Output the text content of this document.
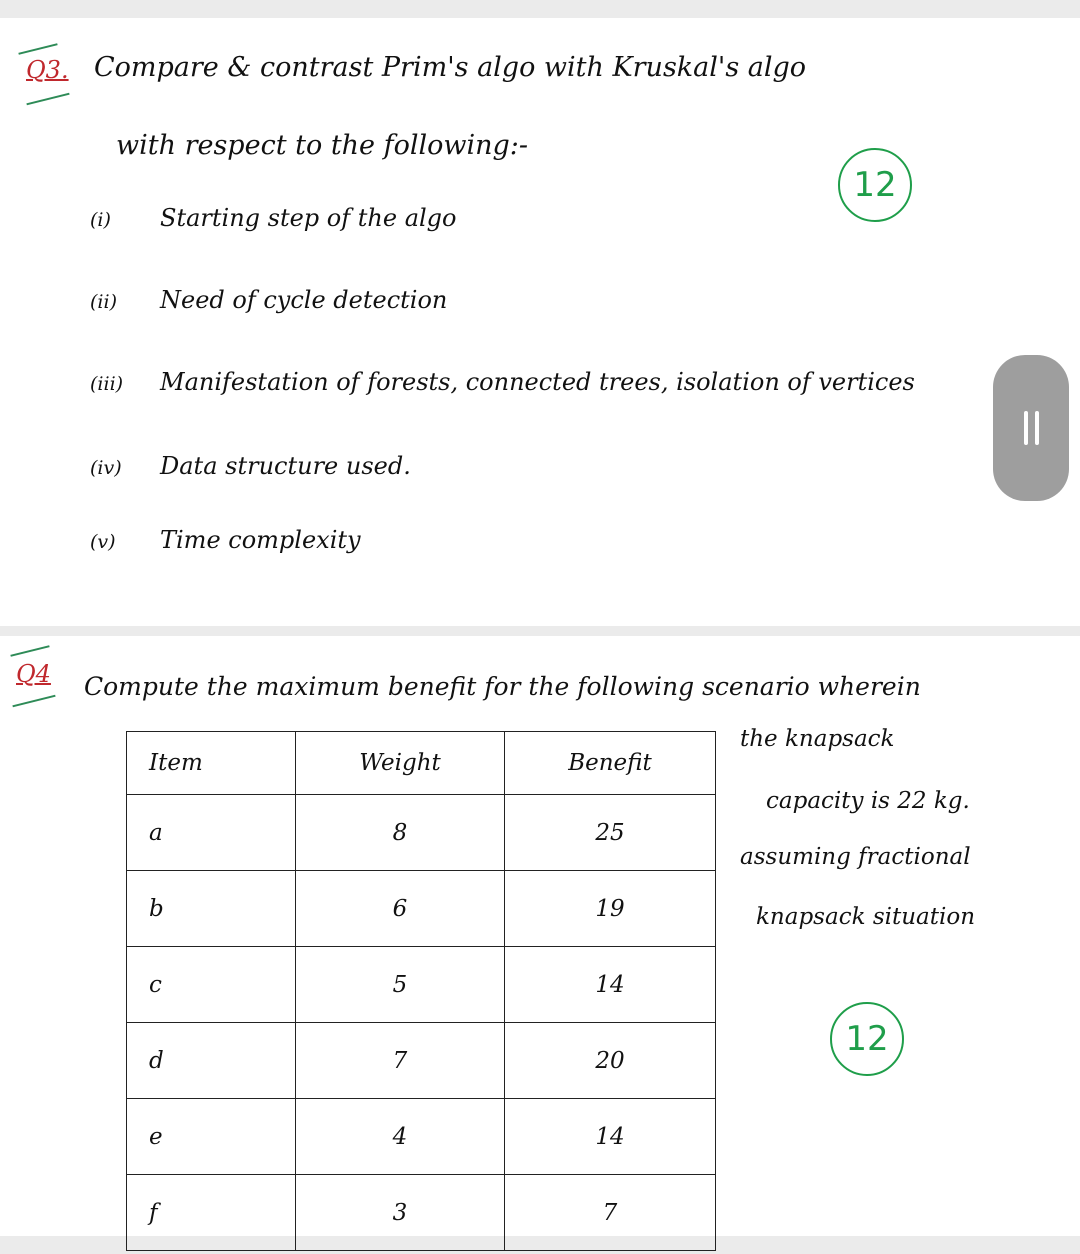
Q3. Compare & contrast Prim's algo with Kruskal's algo
with respect to the following:-
12
(i) Starting step of the algo
(ii) Need of cycle detection
(iii) Manifestation of forests, connected trees, isolation of vertices
(iv) Data structure used.
(v) Time complexity
Q4 Compute the maximum benefit for the following scenario wherein
Item	Weight	Benefit
a	8	25
b	6	19
c	5	14
d	7	20
e	4	14
f	3	7
the knapsack
capacity is 22 kg.
assuming fractional
knapsack situation
12
